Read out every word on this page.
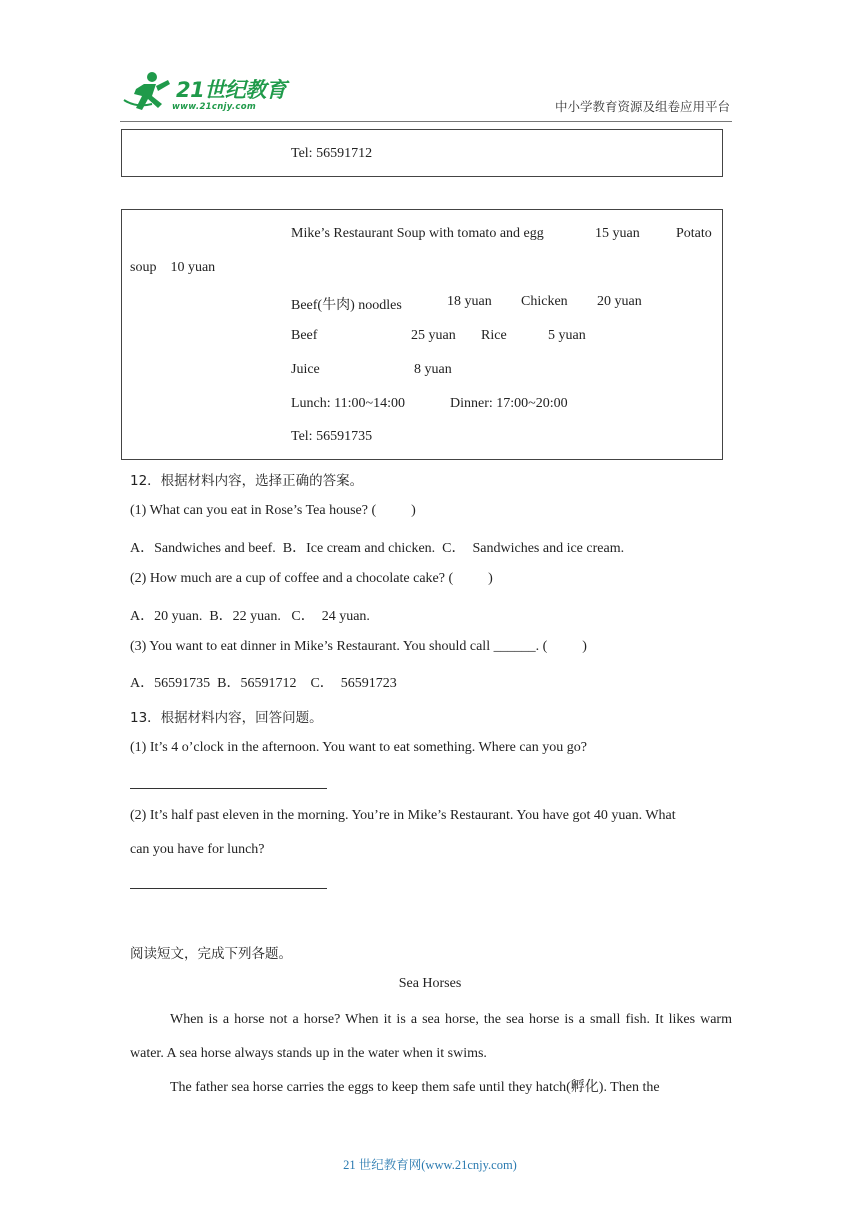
21世纪教育
www.21cnjy.com	中小学教育资源及组卷应用平台
Tel: 56591712
Mike’s Restaurant Soup with tomato and egg	15 yuan	Potato
soup    10 yuan
Beef(牛肉) noodles	18 yuan Chicken 20 yuan
Beef	25 yuan Rice	5 yuan
Juice	8 yuan
Lunch: 11:00~14:00	Dinner: 17:00~20:00
Tel: 56591735
12．根据材料内容，选择正确的答案。
(1) What can you eat in Rose’s Tea house? (          )
A．Sandwiches and beef.  B．Ice cream and chicken.  C．  Sandwiches and ice cream.
(2) How much are a cup of coffee and a chocolate cake? (          )
A．20 yuan.  B．22 yuan.   C．  24 yuan.
(3) You want to eat dinner in Mike’s Restaurant. You should call ______. (          )
A．56591735  B．56591712    C．  56591723
13．根据材料内容，回答问题。
(1) It’s 4 o’clock in the afternoon. You want to eat something. Where can you go?
(2) It’s half past eleven in the morning. You’re in Mike’s Restaurant. You have got 40 yuan. What
can you have for lunch?
阅读短文，完成下列各题。
Sea Horses
When is a horse not a horse? When it is a sea horse, the sea horse is a small fish. It likes warm water. A sea horse always stands up in the water when it swims.
The father sea horse carries the eggs to keep them safe until they hatch(孵化). Then the
21 世纪教育网(www.21cnjy.com)
